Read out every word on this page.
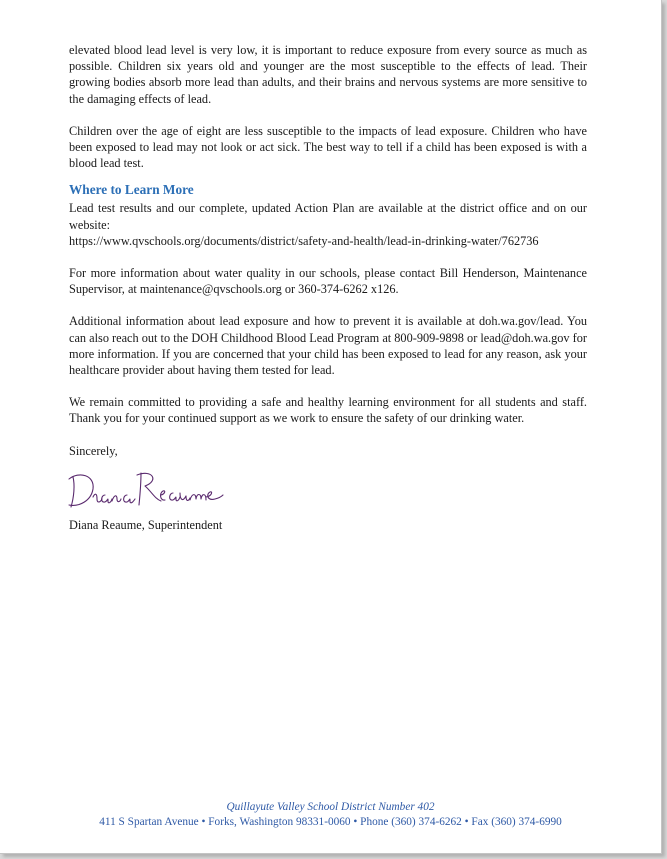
elevated blood lead level is very low, it is important to reduce exposure from every source as much as possible. Children six years old and younger are the most susceptible to the effects of lead. Their growing bodies absorb more lead than adults, and their brains and nervous systems are more sensitive to the damaging effects of lead.

Children over the age of eight are less susceptible to the impacts of lead exposure. Children who have been exposed to lead may not look or act sick. The best way to tell if a child has been exposed is with a blood lead test.

Where to Learn More

Lead test results and our complete, updated Action Plan are available at the district office and on our website:

https://www.qvschools.org/documents/district/safety-and-health/lead-in-drinking-water/762736

For more information about water quality in our schools, please contact Bill Henderson, Maintenance Supervisor, at maintenance@qvschools.org or 360-374-6262 x126.

Additional information about lead exposure and how to prevent it is available at doh.wa.gov/lead. You can also reach out to the DOH Childhood Blood Lead Program at 800-909-9898 or lead@doh.wa.gov for more information. If you are concerned that your child has been exposed to lead for any reason, ask your healthcare provider about having them tested for lead.

We remain committed to providing a safe and healthy learning environment for all students and staff. Thank you for your continued support as we work to ensure the safety of our drinking water.

Sincerely,

Diana Reaume, Superintendent

Quillayute Valley School District Number 402
411 S Spartan Avenue • Forks, Washington 98331-0060 • Phone (360) 374-6262 • Fax (360) 374-6990
